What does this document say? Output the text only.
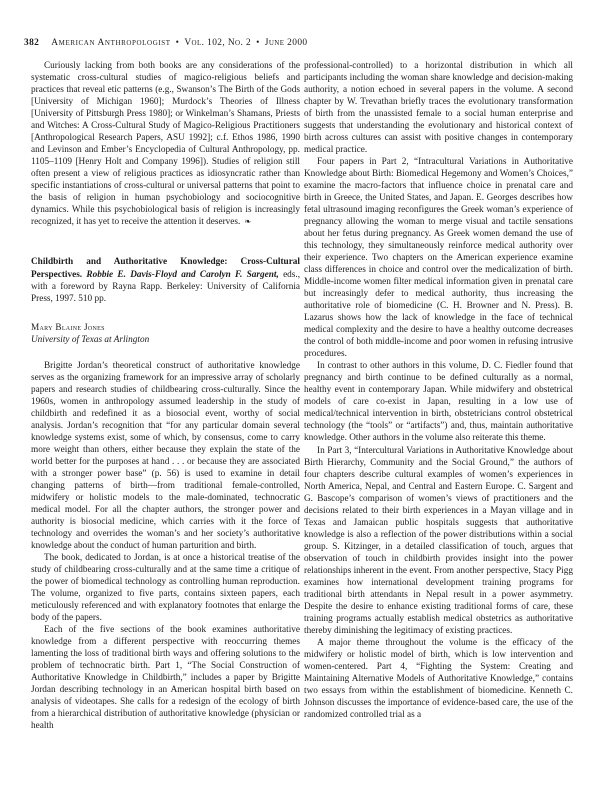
382 American Anthropologist • Vol. 102, No. 2 • June 2000

Curiously lacking from both books are any considerations of the systematic cross-cultural studies of magico-religious beliefs and practices that reveal etic patterns (e.g., Swanson’s The Birth of the Gods [University of Michigan 1960]; Murdock’s Theories of Illness [University of Pittsburgh Press 1980]; or Winkelman’s Shamans, Priests and Witches: A Cross-Cultural Study of Magico-Religious Practitioners [Anthropological Research Papers, ASU 1992]; c.f. Ethos 1986, 1990 and Levinson and Ember’s Encyclopedia of Cultural Anthropology, pp. 1105–1109 [Henry Holt and Company 1996]). Studies of religion still often present a view of religious practices as idiosyncratic rather than specific instantiations of cross-cultural or universal patterns that point to the basis of religion in human psychobiology and sociocognitive dynamics. While this psychobiological basis of religion is increasingly recognized, it has yet to receive the attention it deserves. ❧

Childbirth and Authoritative Knowledge: Cross-Cultural Perspectives. Robbie E. Davis-Floyd and Carolyn F. Sargent, eds., with a foreword by Rayna Rapp. Berkeley: University of California Press, 1997. 510 pp.

Mary Blaine Jones

University of Texas at Arlington

Brigitte Jordan’s theoretical construct of authoritative knowledge serves as the organizing framework for an impressive array of scholarly papers and research studies of childbearing cross-culturally. Since the 1960s, women in anthropology assumed leadership in the study of childbirth and redefined it as a biosocial event, worthy of social analysis. Jordan’s recognition that “for any particular domain several knowledge systems exist, some of which, by consensus, come to carry more weight than others, either because they explain the state of the world better for the purposes at hand . . . or because they are associated with a stronger power base” (p. 56) is used to examine in detail changing patterns of birth—from traditional female-controlled, midwifery or holistic models to the male-dominated, technocratic medical model. For all the chapter authors, the stronger power and authority is biosocial medicine, which carries with it the force of technology and overrides the woman’s and her society’s authoritative knowledge about the conduct of human parturition and birth.

The book, dedicated to Jordan, is at once a historical treatise of the study of childbearing cross-culturally and at the same time a critique of the power of biomedical technology as controlling human reproduction. The volume, organized to five parts, contains sixteen papers, each meticulously referenced and with explanatory footnotes that enlarge the body of the papers.

Each of the five sections of the book examines authoritative knowledge from a different perspective with reoccurring themes lamenting the loss of traditional birth ways and offering solutions to the problem of technocratic birth. Part 1, “The Social Construction of Authoritative Knowledge in Childbirth,” includes a paper by Brigitte Jordan describing technology in an American hospital birth based on analysis of videotapes. She calls for a redesign of the ecology of birth from a hierarchical distribution of authoritative knowledge (physician or health

professional-controlled) to a horizontal distribution in which all participants including the woman share knowledge and decision-making authority, a notion echoed in several papers in the volume. A second chapter by W. Trevathan briefly traces the evolutionary transformation of birth from the unassisted female to a social human enterprise and suggests that understanding the evolutionary and historical context of birth across cultures can assist with positive changes in contemporary medical practice.

Four papers in Part 2, “Intracultural Variations in Authoritative Knowledge about Birth: Biomedical Hegemony and Women’s Choices,” examine the macro-factors that influence choice in prenatal care and birth in Greece, the United States, and Japan. E. Georges describes how fetal ultrasound imaging reconfigures the Greek woman’s experience of pregnancy allowing the woman to merge visual and tactile sensations about her fetus during pregnancy. As Greek women demand the use of this technology, they simultaneously reinforce medical authority over their experience. Two chapters on the American experience examine class differences in choice and control over the medicalization of birth. Middle-income women filter medical information given in prenatal care but increasingly defer to medical authority, thus increasing the authoritative role of biomedicine (C. H. Browner and N. Press). B. Lazarus shows how the lack of knowledge in the face of technical medical complexity and the desire to have a healthy outcome decreases the control of both middle-income and poor women in refusing intrusive procedures.

In contrast to other authors in this volume, D. C. Fiedler found that pregnancy and birth continue to be defined culturally as a normal, healthy event in contemporary Japan. While midwifery and obstetrical models of care co-exist in Japan, resulting in a low use of medical/technical intervention in birth, obstetricians control obstetrical technology (the “tools” or “artifacts”) and, thus, maintain authoritative knowledge. Other authors in the volume also reiterate this theme.

In Part 3, “Intercultural Variations in Authoritative Knowledge about Birth Hierarchy, Community and the Social Ground,” the authors of four chapters describe cultural examples of women’s experiences in North America, Nepal, and Central and Eastern Europe. C. Sargent and G. Bascope’s comparison of women’s views of practitioners and the decisions related to their birth experiences in a Mayan village and in Texas and Jamaican public hospitals suggests that authoritative knowledge is also a reflection of the power distributions within a social group. S. Kitzinger, in a detailed classification of touch, argues that observation of touch in childbirth provides insight into the power relationships inherent in the event. From another perspective, Stacy Pigg examines how international development training programs for traditional birth attendants in Nepal result in a power asymmetry. Despite the desire to enhance existing traditional forms of care, these training programs actually establish medical obstetrics as authoritative thereby diminishing the legitimacy of existing practices.

A major theme throughout the volume is the efficacy of the midwifery or holistic model of birth, which is low intervention and women-centered. Part 4, “Fighting the System: Creating and Maintaining Alternative Models of Authoritative Knowledge,” contains two essays from within the establishment of biomedicine. Kenneth C. Johnson discusses the importance of evidence-based care, the use of the randomized controlled trial as a
